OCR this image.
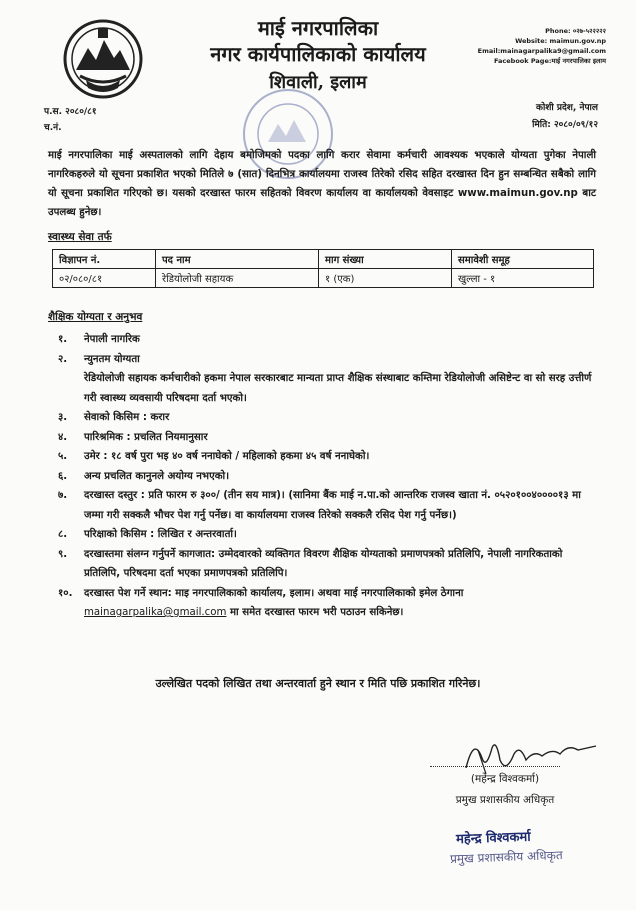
माई नगरपालिका
नगर कार्यपालिकाको कार्यालय
शिवाली, इलाम
Phone: ०२७-५२२२२२
Website: maimun.gov.np
Email:mainagarpalika9@gmail.com
Facebook Page:माई नगरपालिका इलाम
प.स. २०८०/८१
च.नं.
कोशी प्रदेश, नेपाल
मिति: २०८०/०९/१२
माई नगरपालिका माई अस्पतालको लागि देहाय बमोजिमको पदका लागि करार सेवामा कर्मचारी आवश्यक भएकाले योग्यता पुगेका नेपाली नागरिकहरुले यो सूचना प्रकाशित भएको मितिले ७ (सात) दिनभित्र कार्यालयमा राजस्व तिरेको रसिद सहित दरखास्त दिन हुन सम्बन्धित सबैको लागि यो सूचना प्रकाशित गरिएको छ। यसको दरखास्त फारम सहितको विवरण कार्यालय वा कार्यालयको वेवसाइट www.maimun.gov.np बाट उपलब्ध हुनेछ।
स्वास्थ्य सेवा तर्फ
विज्ञापन नं.	पद नाम	माग संख्या	समावेशी समूह
०२/०८०/८१	रेडियोलोजी सहायक	१ (एक)	खुल्ला - १
शैक्षिक योग्यता र अनुभव
१.	नेपाली नागरिक
२.	न्युनतम योग्यता
रेडियोलोजी सहायक कर्मचारीको हकमा नेपाल सरकारबाट मान्यता प्राप्त शैक्षिक संस्थाबाट कम्तिमा रेडियोलोजी असिष्टेन्ट वा सो सरह उत्तीर्ण गरी स्वास्थ्य व्यवसायी परिषदमा दर्ता भएको।
३.	सेवाको किसिम : करार
४.	पारिश्रमिक : प्रचलित नियमानुसार
५.	उमेर : १८ वर्ष पुरा भइ ४० वर्ष ननाघेको / महिलाको हकमा ४५ वर्ष ननाघेको।
६.	अन्य प्रचलित कानुनले अयोग्य नभएको।
७.	दरखास्त दस्तुर : प्रति फारम रु ३००/ (तीन सय मात्र)। (सानिमा बैंक माई न.पा.को आन्तरिक राजस्व खाता नं. ०५२०१००४००००१३ मा जम्मा गरी सक्कलै भौचर पेश गर्नु पर्नेछ। वा कार्यालयमा राजस्व तिरेको सक्कलै रसिद पेश गर्नु पर्नेछ।)
८.	परिक्षाको किसिम : लिखित र अन्तरवार्ता।
९.	दरखास्तमा संलग्न गर्नुपर्ने कागजात: उम्मेदवारको व्यक्तिगत विवरण शैक्षिक योग्यताको प्रमाणपत्रको प्रतिलिपि, नेपाली नागरिकताको प्रतिलिपि, परिषदमा दर्ता भएका प्रमाणपत्रको प्रतिलिपि।
१०.	दरखास्त पेश गर्ने स्थान: माइ नगरपालिकाको कार्यालय, इलाम। अथवा माई नगरपालिकाको इमेल ठेगाना mainagarpalika@gmail.com मा समेत दरखास्त फारम भरी पठाउन सकिनेछ।
उल्लेखित पदको लिखित तथा अन्तरवार्ता हुने स्थान र मिति पछि प्रकाशित गरिनेछ।
(महेन्द्र विश्वकर्मा)
प्रमुख प्रशासकीय अधिकृत
महेन्द्र विश्वकर्मा
प्रमुख प्रशासकीय अधिकृत
